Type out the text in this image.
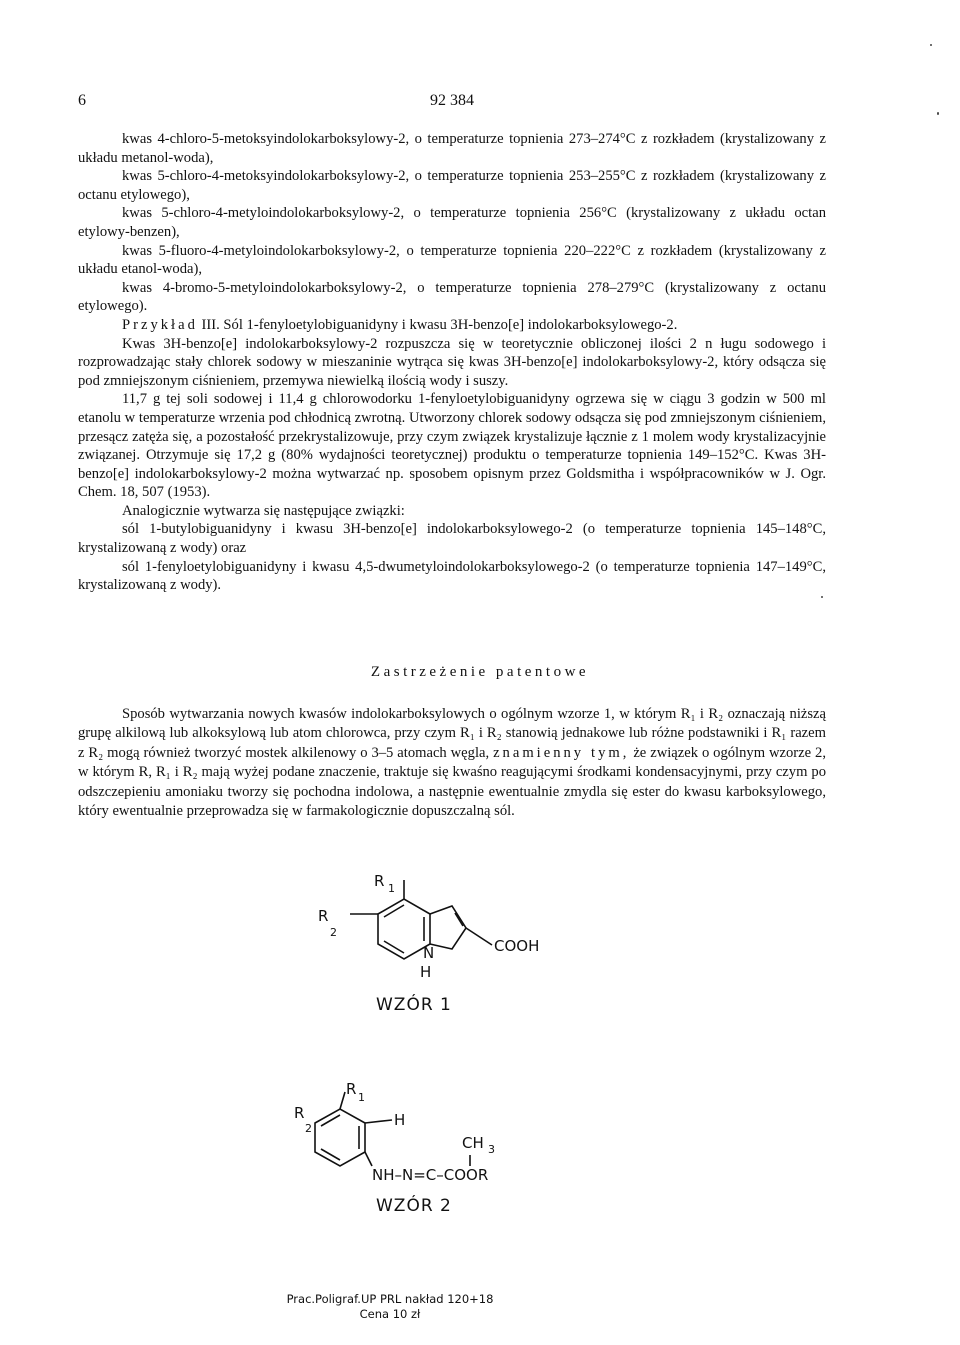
6	92 384

kwas 4-chloro-5-metoksyindolokarboksylowy-2, o temperaturze topnienia 273–274°C z rozkładem (krystalizowany z układu metanol-woda),

kwas 5-chloro-4-metoksyindolokarboksylowy-2, o temperaturze topnienia 253–255°C z rozkładem (krystalizowany z octanu etylowego),

kwas 5-chloro-4-metyloindolokarboksylowy-2, o temperaturze topnienia 256°C (krystalizowany z układu octan etylowy-benzen),

kwas 5-fluoro-4-metyloindolokarboksylowy-2, o temperaturze topnienia 220–222°C z rozkładem (krystalizowany z układu etanol-woda),

kwas 4-bromo-5-metyloindolokarboksylowy-2, o temperaturze topnienia 278–279°C (krystalizowany z octanu etylowego).

Przykład III. Sól 1-fenyloetylobiguanidyny i kwasu 3H-benzo[e] indolokarboksylowego-2.

Kwas 3H-benzo[e] indolokarboksylowy-2 rozpuszcza się w teoretycznie obliczonej ilości 2 n ługu sodowego i rozprowadzając stały chlorek sodowy w mieszaninie wytrąca się kwas 3H-benzo[e] indolokarboksylowy-2, który odsącza się pod zmniejszonym ciśnieniem, przemywa niewielką ilością wody i suszy.

11,7 g tej soli sodowej i 11,4 g chlorowodorku 1-fenyloetylobiguanidyny ogrzewa się w ciągu 3 godzin w 500 ml etanolu w temperaturze wrzenia pod chłodnicą zwrotną. Utworzony chlorek sodowy odsącza się pod zmniejszonym ciśnieniem, przesącz zatęża się, a pozostałość przekrystalizowuje, przy czym związek krystalizuje łącznie z 1 molem wody krystalizacyjnie związanej. Otrzymuje się 17,2 g (80% wydajności teoretycznej) produktu o temperaturze topnienia 149–152°C. Kwas 3H-benzo[e] indolokarboksylowy-2 można wytwarzać np. sposobem opisnym przez Goldsmitha i współpracowników w J. Ogr. Chem. 18, 507 (1953).

Analogicznie wytwarza się następujące związki:

sól 1-butylobiguanidyny i kwasu 3H-benzo[e] indolokarboksylowego-2 (o temperaturze topnienia 145–148°C, krystalizowaną z wody) oraz

sól 1-fenyloetylobiguanidyny i kwasu 4,5-dwumetyloindolokarboksylowego-2 (o temperaturze topnienia 147–149°C, krystalizowaną z wody).

Zastrzeżenie patentowe

Sposób wytwarzania nowych kwasów indolokarboksylowych o ogólnym wzorze 1, w którym R₁ i R₂ oznaczają niższą grupę alkilową lub alkoksylową lub atom chlorowca, przy czym R₁ i R₂ stanowią jednakowe lub różne podstawniki i R₁ razem z R₂ mogą również tworzyć mostek alkilenowy o 3–5 atomach węgla, znamienny tym, że związek o ogólnym wzorze 2, w którym R, R₁ i R₂ mają wyżej podane znaczenie, traktuje się kwaśno reagującymi środkami kondensacyjnymi, przy czym po odszczepieniu amoniaku tworzy się pochodna indolowa, a następnie ewentualnie zmydla się ester do kwasu karboksylowego, który ewentualnie przeprowadza się w farmakologicznie dopuszczalną sól.

R 1
R
2
N
H
COOH
R 1
R
2	H
CH 3
NH–N=C–COOR
WZÓR 1
WZÓR 2
Prac.Poligraf.UP PRL nakład 120+18
Cena 10 zł
